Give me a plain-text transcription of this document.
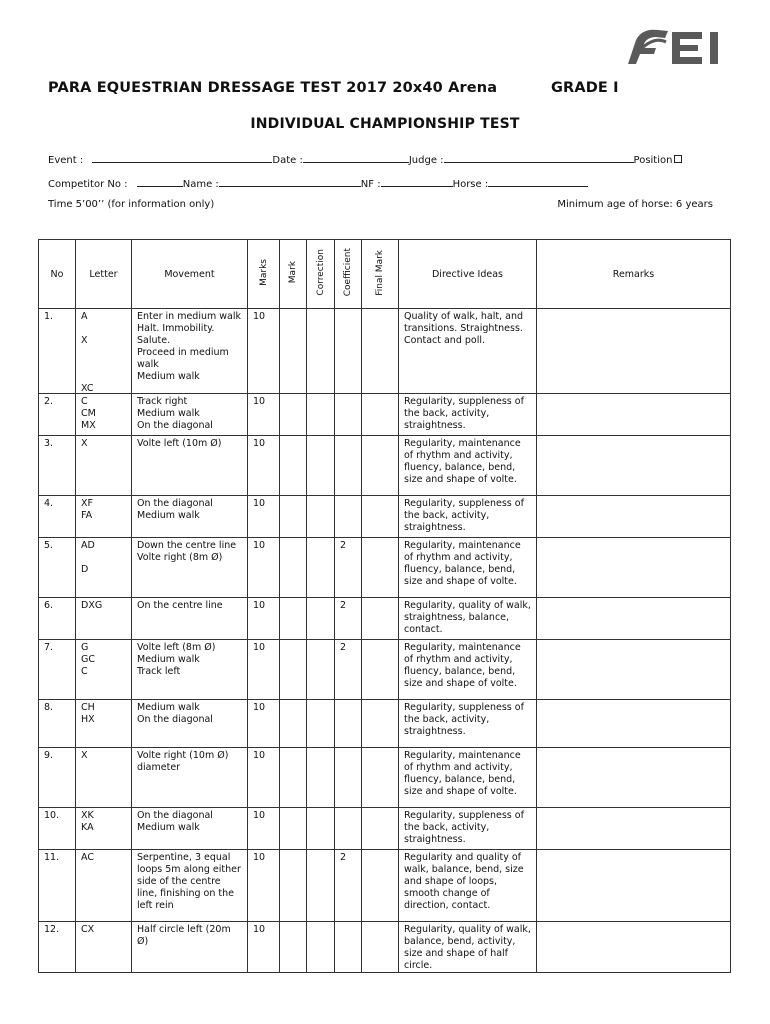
PARA EQUESTRIAN DRESSAGE TEST 2017 20x40 Arena	GRADE I
INDIVIDUAL CHAMPIONSHIP TEST
Event :	Date :	Judge :	Position
Competitor No :	Name :	NF :	Horse :
Time 5’00’’ (for information only)	Minimum age of horse: 6 years
No	Letter	Movement	Marks	Mark	Correction	Coefficient	Final Mark	Directive Ideas	Remarks

1.	A

X

XC	Enter in medium walk
Halt. Immobility. Salute.
Proceed in medium walk
Medium walk	10					Quality of walk, halt, and transitions. Straightness. Contact and poll.	

2.	C
CM
MX	Track right
Medium walk
On the diagonal	10					Regularity, suppleness of the back, activity, straightness.	

3.	X	Volte left (10m Ø)	10					Regularity, maintenance of rhythm and activity, fluency, balance, bend, size and shape of volte.	

4.	XF
FA	On the diagonal
Medium walk	10					Regularity, suppleness of the back, activity, straightness.	

5.	AD

D	Down the centre line
Volte right (8m Ø)	10			2		Regularity, maintenance of rhythm and activity, fluency, balance, bend, size and shape of volte.	

6.	DXG	On the centre line	10			2		Regularity, quality of walk, straightness, balance, contact.	

7.	G
GC
C	Volte left (8m Ø)
Medium walk
Track left	10			2		Regularity, maintenance of rhythm and activity, fluency, balance, bend, size and shape of volte.	

8.	CH
HX	Medium walk
On the diagonal	10					Regularity, suppleness of the back, activity, straightness.	

9.	X	Volte right (10m Ø) diameter	10					Regularity, maintenance of rhythm and activity, fluency, balance, bend, size and shape of volte.	

10.	XK
KA	On the diagonal
Medium walk	10					Regularity, suppleness of the back, activity, straightness.	

11.	AC	Serpentine, 3 equal loops 5m along either side of the centre line, finishing on the left rein	10			2		Regularity and quality of walk, balance, bend, size and shape of loops, smooth change of direction, contact.	

12.	CX	Half circle left (20m Ø)	10					Regularity, quality of walk, balance, bend, activity, size and shape of half circle.	
